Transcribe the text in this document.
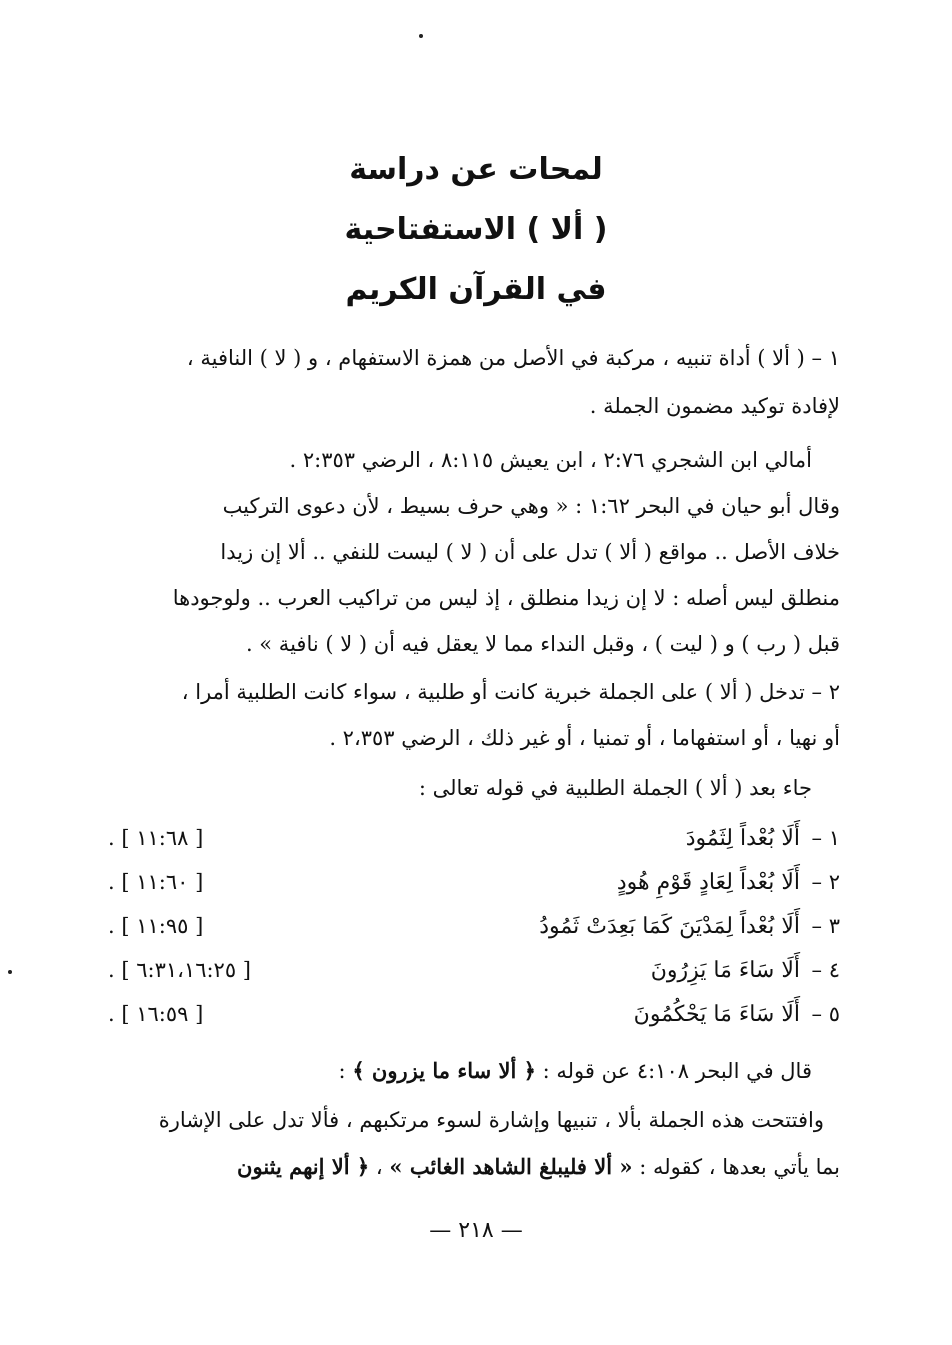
لمحات عن دراسة
( ألا ) الاستفتاحية
في القرآن الكريم
١ – ( ألا ) أداة تنبيه ، مركبة في الأصل من همزة الاستفهام ، و ( لا ) النافية ،
لإفادة توكيد مضمون الجملة .
أمالي ابن الشجري ٢:٧٦ ، ابن يعيش ٨:١١٥ ، الرضي ٢:٣٥٣ .
وقال أبو حيان في البحر ١:٦٢ : « وهي حرف بسيط ، لأن دعوى التركيب
خلاف الأصل .. مواقع ( ألا ) تدل على أن ( لا ) ليست للنفي .. ألا إن زيدا
منطلق ليس أصله : لا إن زيدا منطلق ، إذ ليس من تراكيب العرب .. ولوجودها
قبل ( رب ) و ( ليت ) ، وقبل النداء مما لا يعقل فيه أن ( لا ) نافية » .
٢ – تدخل ( ألا ) على الجملة خبرية كانت أو طلبية ، سواء كانت الطلبية أمرا ،
أو نهيا ، أو استفهاما ، أو تمنيا ، أو غير ذلك ، الرضي ٢،٣٥٣ .
جاء بعد ( ألا ) الجملة الطلبية في قوله تعالى :
١ –
أَلَا بُعْداً لِثَمُودَ
[ ١١:٦٨ ] .
٢ –
أَلَا بُعْداً لِعَادٍ قَوْمِ هُودٍ
[ ١١:٦٠ ] .
٣ –
أَلَا بُعْداً لِمَدْيَنَ كَمَا بَعِدَتْ ثَمُودُ
[ ١١:٩٥ ] .
٤ –
أَلَا سَاءَ مَا يَزِرُونَ
[ ٦:٣١،١٦:٢٥ ] .
٥ –
أَلَا سَاءَ مَا يَحْكُمُونَ
[ ١٦:٥٩ ] .
قال في البحر ٤:١٠٨ عن قوله : ﴿ ألا ساء ما يزرون ﴾ :
وافتتحت هذه الجملة بألا ، تنبيها وإشارة لسوء مرتكبهم ، فألا تدل على الإشارة
بما يأتي بعدها ، كقوله : « ألا فليبلغ الشاهد الغائب » ، ﴿ ألا إنهم يثنون
— ٢١٨ —
